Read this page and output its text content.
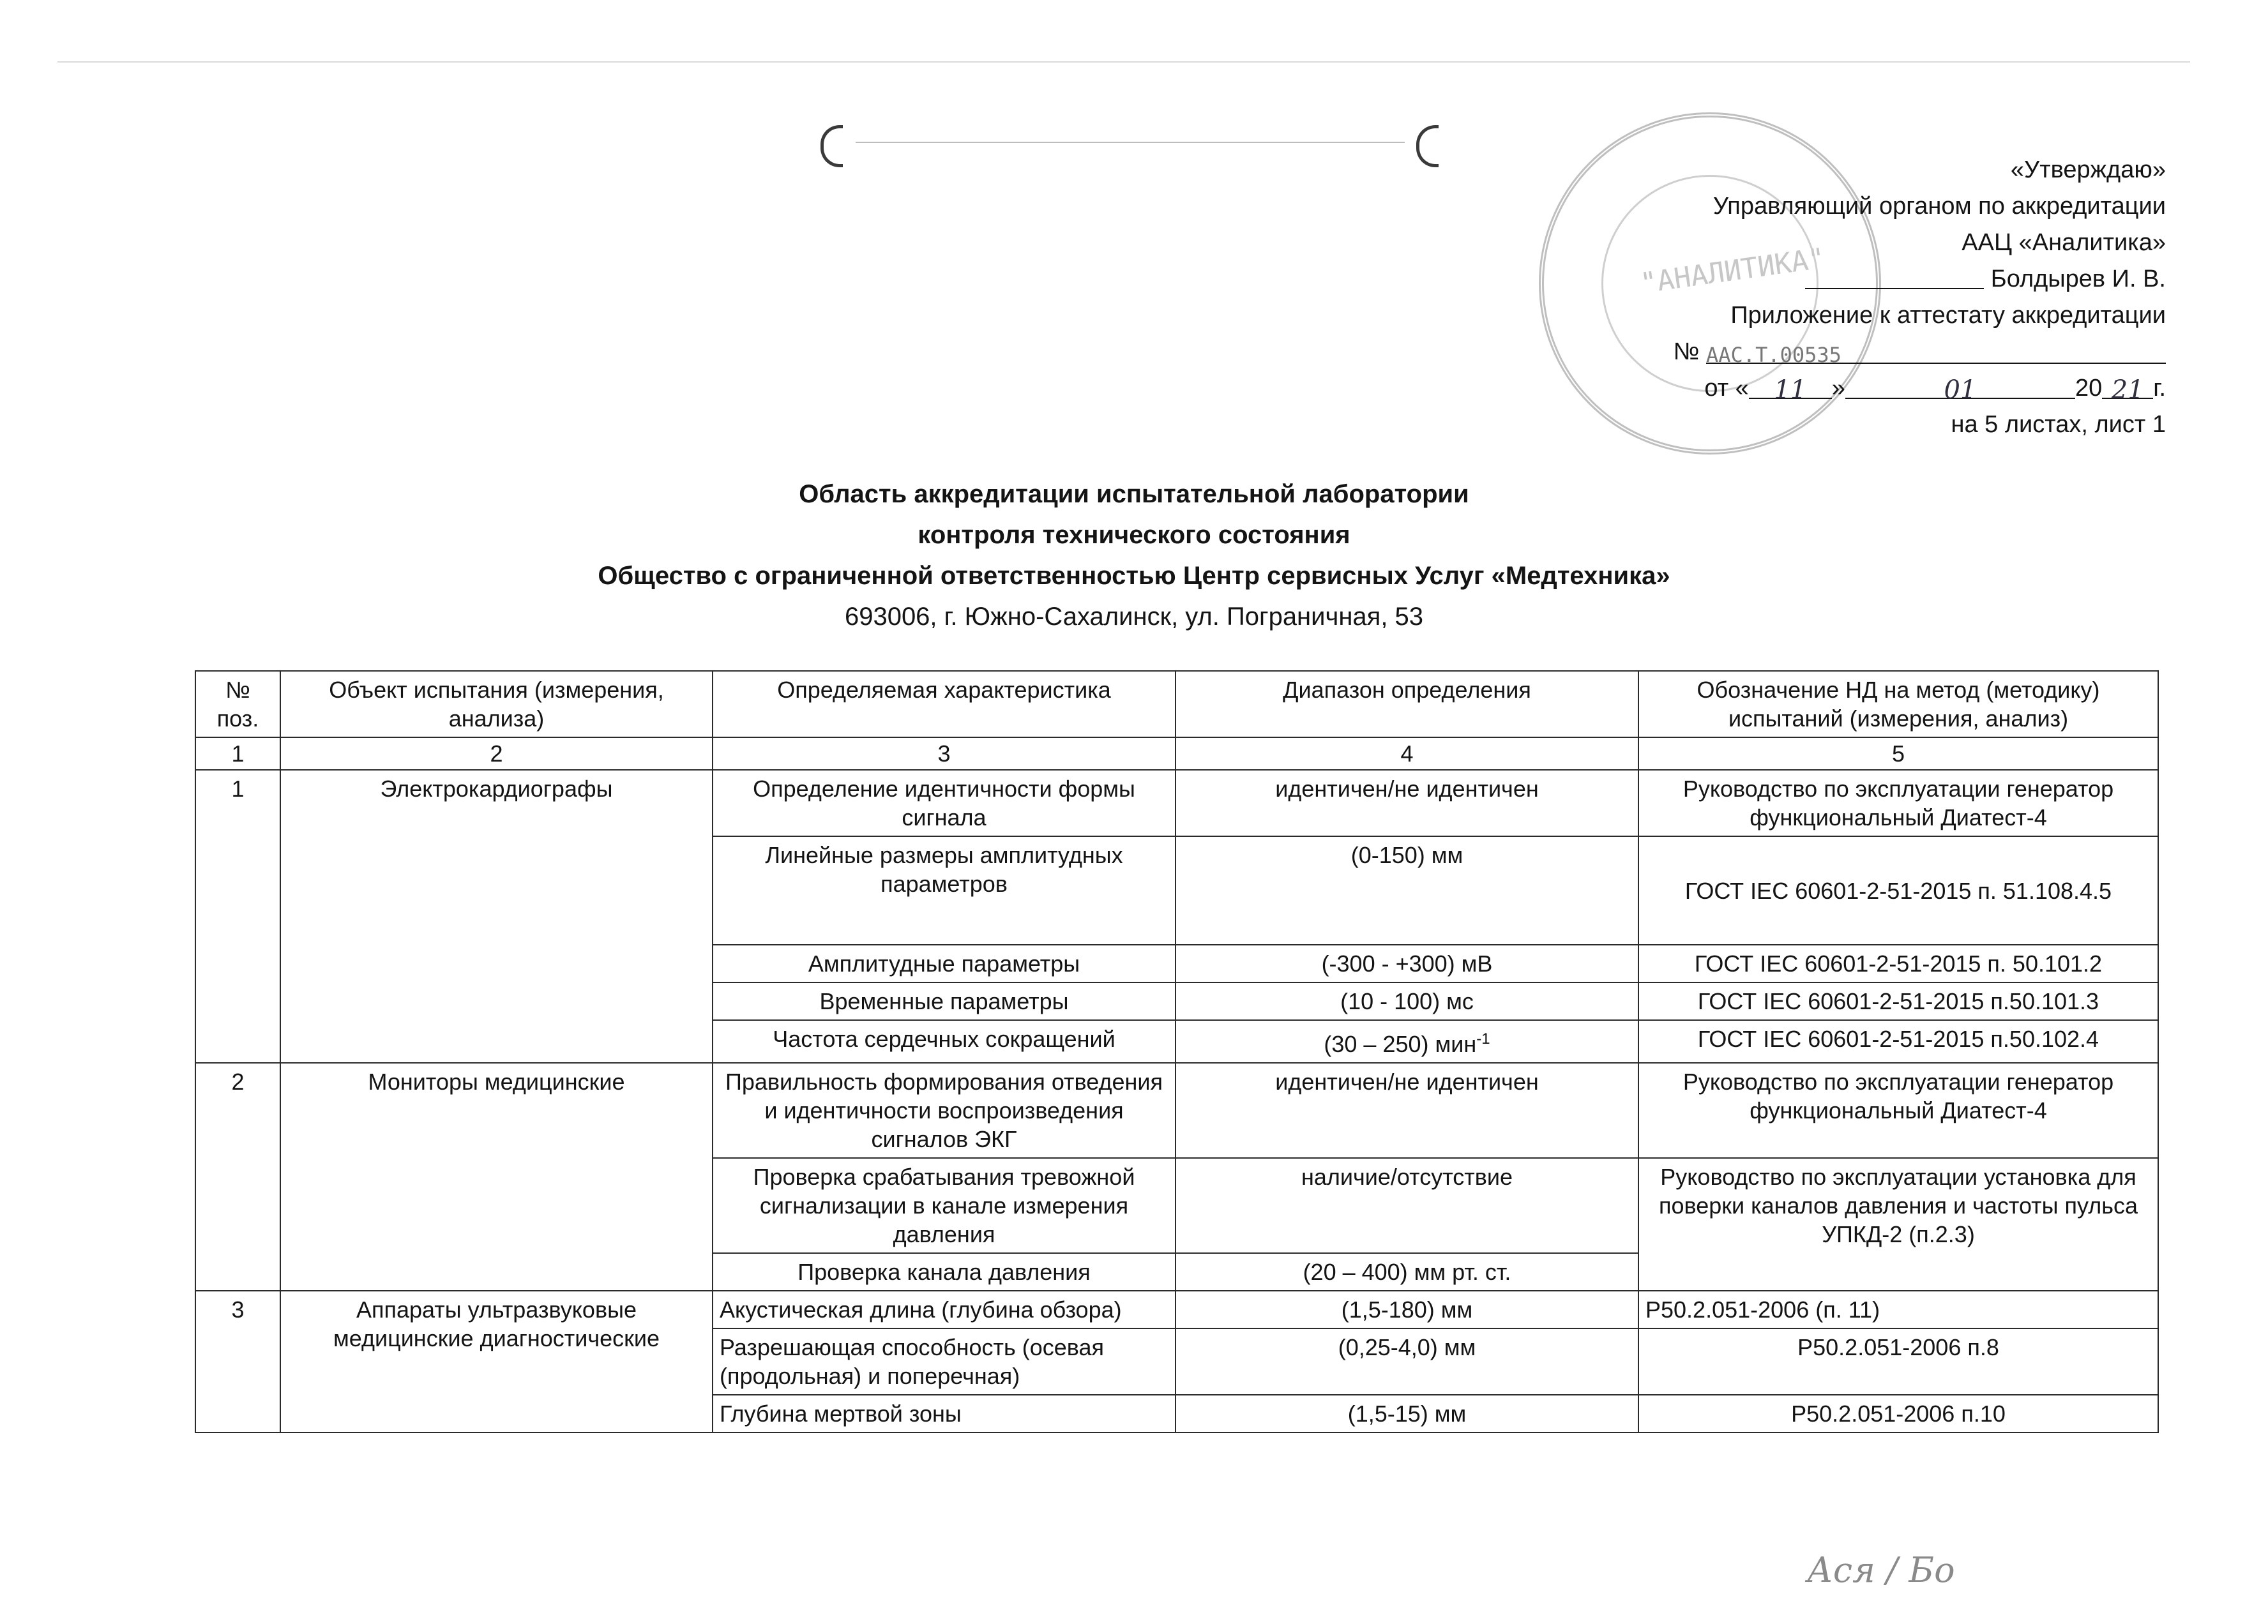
"АНАЛИТИКА"
«Утверждаю»
Управляющий органом по аккредитации
ААЦ «Аналитика»
Болдырев И. В.
Приложение к аттестату аккредитации
№ ААС.Т.00535
от « 11 »	01	20 21 г.
на 5 листах, лист 1
Область аккредитации испытательной лаборатории
контроля технического состояния
Общество с ограниченной ответственностью Центр сервисных Услуг «Медтехника»
693006, г. Южно-Сахалинск, ул. Пограничная, 53
№ поз.	Объект испытания (измерения, анализа)	Определяемая характеристика	Диапазон определения	Обозначение НД на метод (методику) испытаний (измерения, анализ)
1	2	3	4	5
1	Электрокардиографы	Определение идентичности формы сигнала	идентичен/не идентичен	Руководство по эксплуатации генератор функциональный Диатест-4
		Линейные размеры амплитудных параметров	(0-150) мм	ГОСТ IEC 60601-2-51-2015 п. 51.108.4.5
		Амплитудные параметры	(-300 - +300) мВ	ГОСТ IEC 60601-2-51-2015 п. 50.101.2
		Временные параметры	(10 - 100) мс	ГОСТ IEC 60601-2-51-2015 п.50.101.3
		Частота сердечных сокращений	(30 – 250) мин$^{-1}$	ГОСТ IEC 60601-2-51-2015 п.50.102.4
2	Мониторы медицинские	Правильность формирования отведения и идентичности воспроизведения сигналов ЭКГ	идентичен/не идентичен	Руководство по эксплуатации генератор функциональный Диатест-4
		Проверка срабатывания тревожной сигнализации в канале измерения давления	наличие/отсутствие	Руководство по эксплуатации установка для поверки каналов давления и частоты пульса УПКД-2 (п.2.3)
		Проверка канала давления	(20 – 400) мм рт. ст.	
3	Аппараты ультразвуковые медицинские диагностические	Акустическая длина (глубина обзора)	(1,5-180) мм	Р50.2.051-2006 (п. 11)
		Разрешающая способность (осевая (продольная) и поперечная)	(0,25-4,0) мм	Р50.2.051-2006 п.8
		Глубина мертвой зоны	(1,5-15) мм	Р50.2.051-2006 п.10
Ася / Бо
